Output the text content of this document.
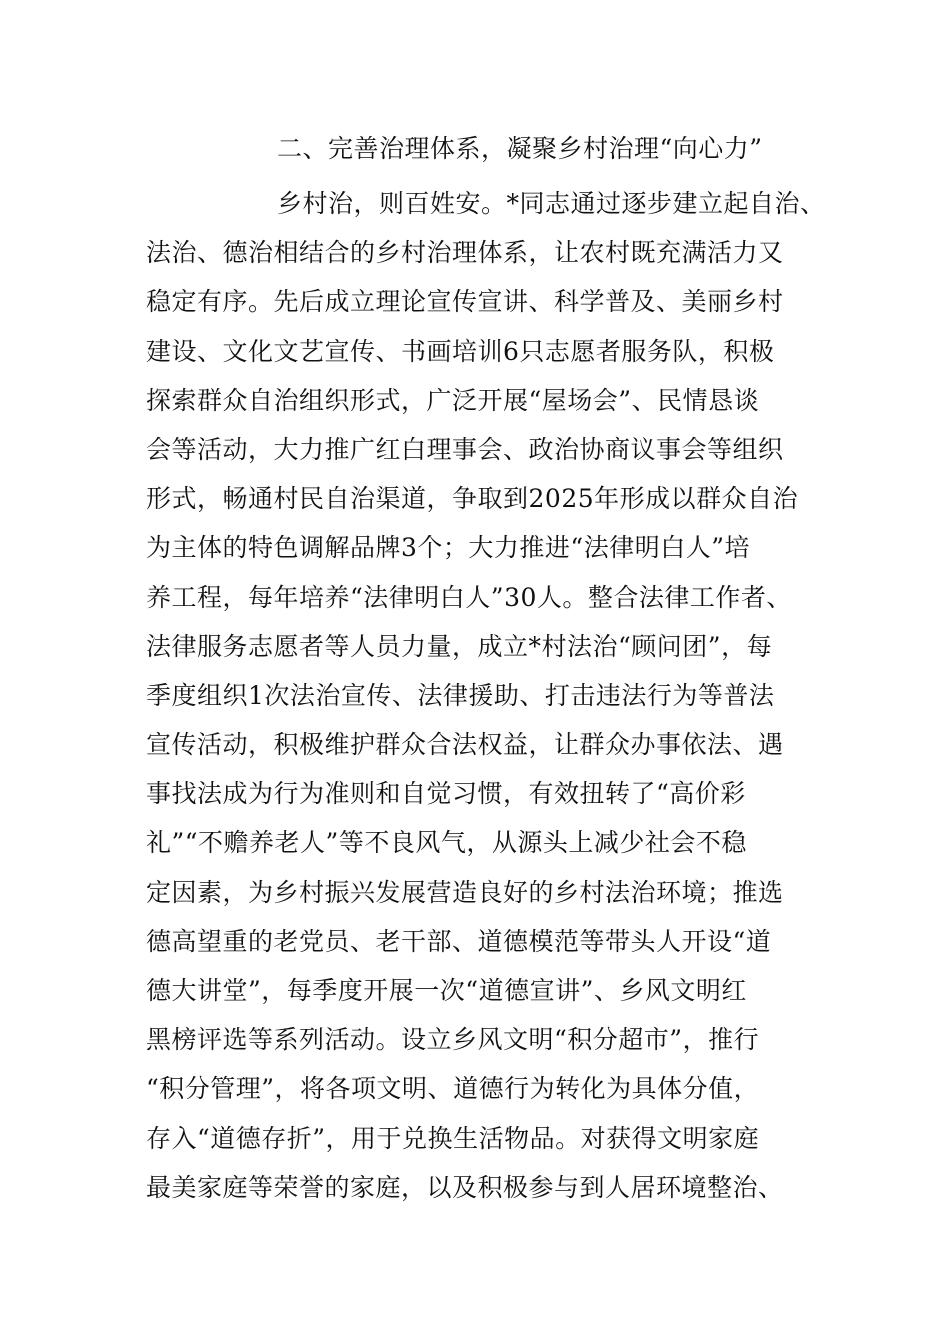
二、完善治理体系，凝聚乡村治理“向心力”
乡村治，则百姓安。*同志通过逐步建立起自治、
法治、德治相结合的乡村治理体系，让农村既充满活力又
稳定有序。先后成立理论宣传宣讲、科学普及、美丽乡村
建设、文化文艺宣传、书画培训6只志愿者服务队，积极
探索群众自治组织形式，广泛开展“屋场会”、民情恳谈
会等活动，大力推广红白理事会、政治协商议事会等组织
形式，畅通村民自治渠道，争取到2025年形成以群众自治
为主体的特色调解品牌3个；大力推进“法律明白人”培
养工程，每年培养“法律明白人”30人。整合法律工作者、
法律服务志愿者等人员力量，成立*村法治“顾问团”，每
季度组织1次法治宣传、法律援助、打击违法行为等普法
宣传活动，积极维护群众合法权益，让群众办事依法、遇
事找法成为行为准则和自觉习惯，有效扭转了“高价彩
礼”“不赡养老人”等不良风气，从源头上减少社会不稳
定因素，为乡村振兴发展营造良好的乡村法治环境；推选
德高望重的老党员、老干部、道德模范等带头人开设“道
德大讲堂”，每季度开展一次“道德宣讲”、乡风文明红
黑榜评选等系列活动。设立乡风文明“积分超市”，推行
“积分管理”，将各项文明、道德行为转化为具体分值，
存入“道德存折”，用于兑换生活物品。对获得文明家庭
最美家庭等荣誉的家庭，以及积极参与到人居环境整治、
